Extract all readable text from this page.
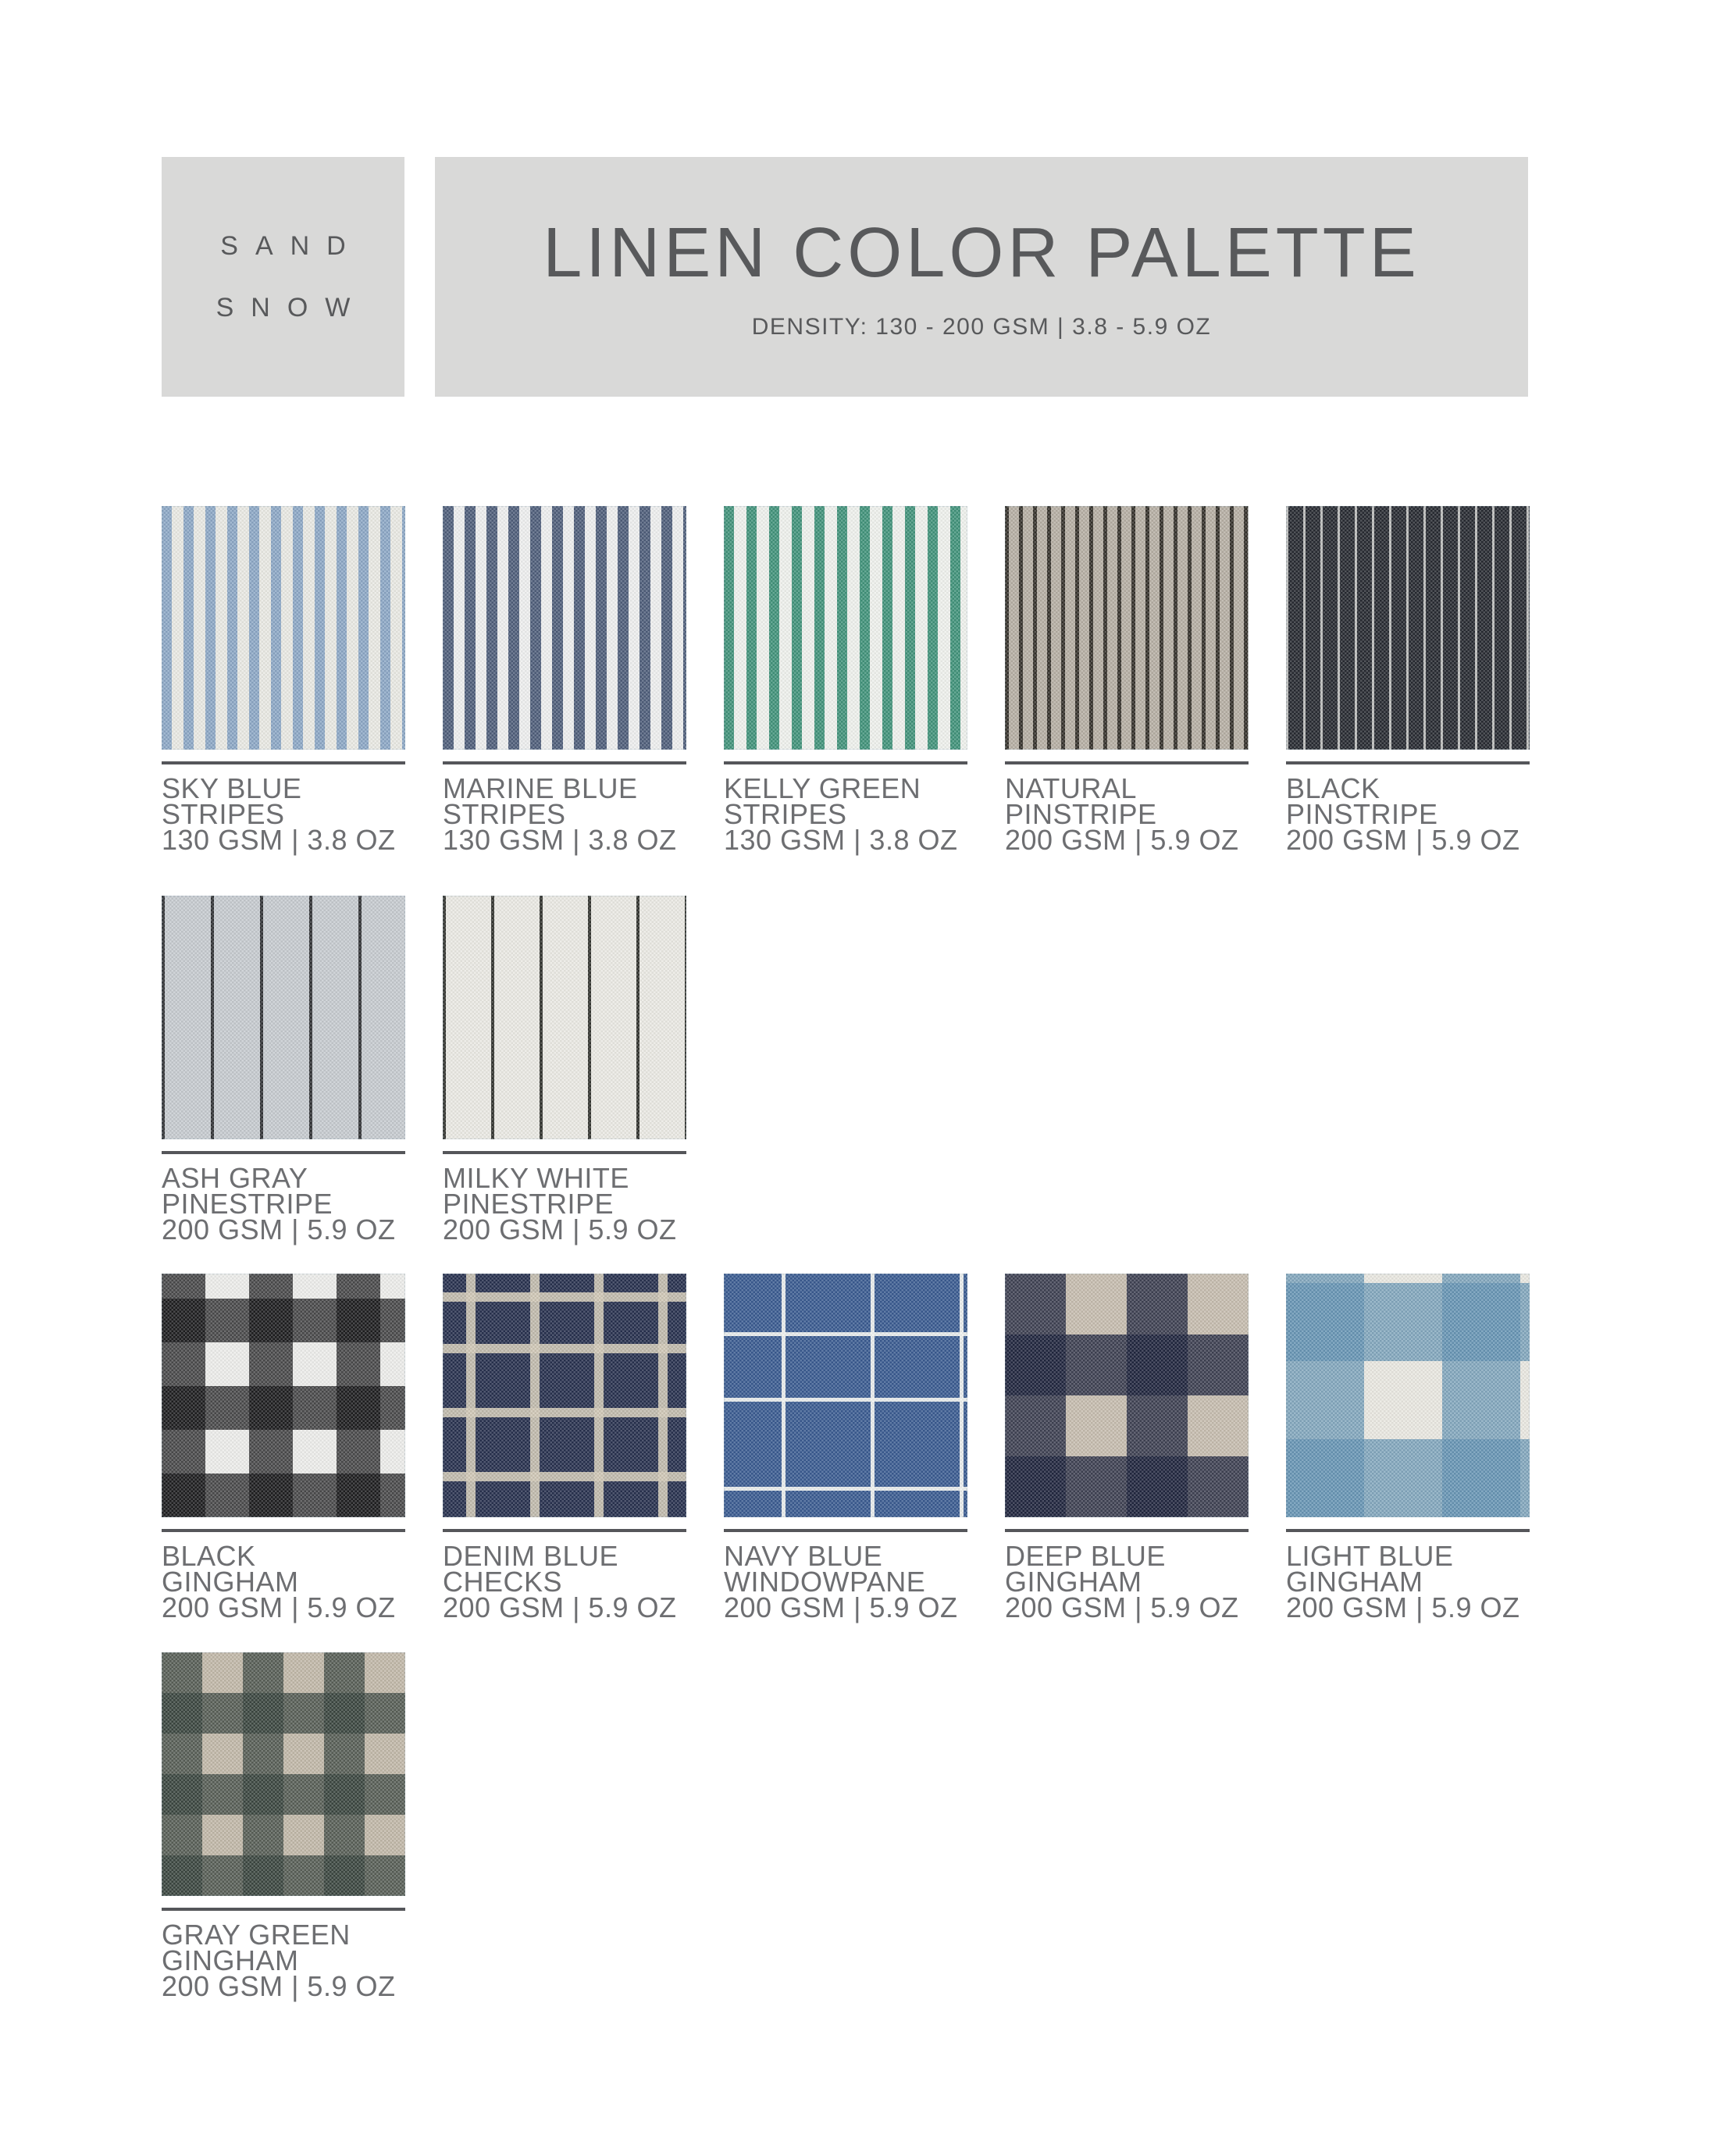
SAND
SNOW
LINEN COLOR PALETTE
DENSITY: 130 - 200 GSM | 3.8 - 5.9 OZ
SKY BLUE
STRIPES
130 GSM | 3.8 OZ
MARINE BLUE
STRIPES
130 GSM | 3.8 OZ
KELLY GREEN
STRIPES
130 GSM | 3.8 OZ
NATURAL
PINSTRIPE
200 GSM | 5.9 OZ
BLACK
PINSTRIPE
200 GSM | 5.9 OZ
ASH GRAY
PINESTRIPE
200 GSM | 5.9 OZ
MILKY WHITE
PINESTRIPE
200 GSM | 5.9 OZ
BLACK
GINGHAM
200 GSM | 5.9 OZ
DENIM BLUE
CHECKS
200 GSM | 5.9 OZ
NAVY BLUE
WINDOWPANE
200 GSM | 5.9 OZ
DEEP BLUE
GINGHAM
200 GSM | 5.9 OZ
LIGHT BLUE
GINGHAM
200 GSM | 5.9 OZ
GRAY GREEN
GINGHAM
200 GSM | 5.9 OZ
